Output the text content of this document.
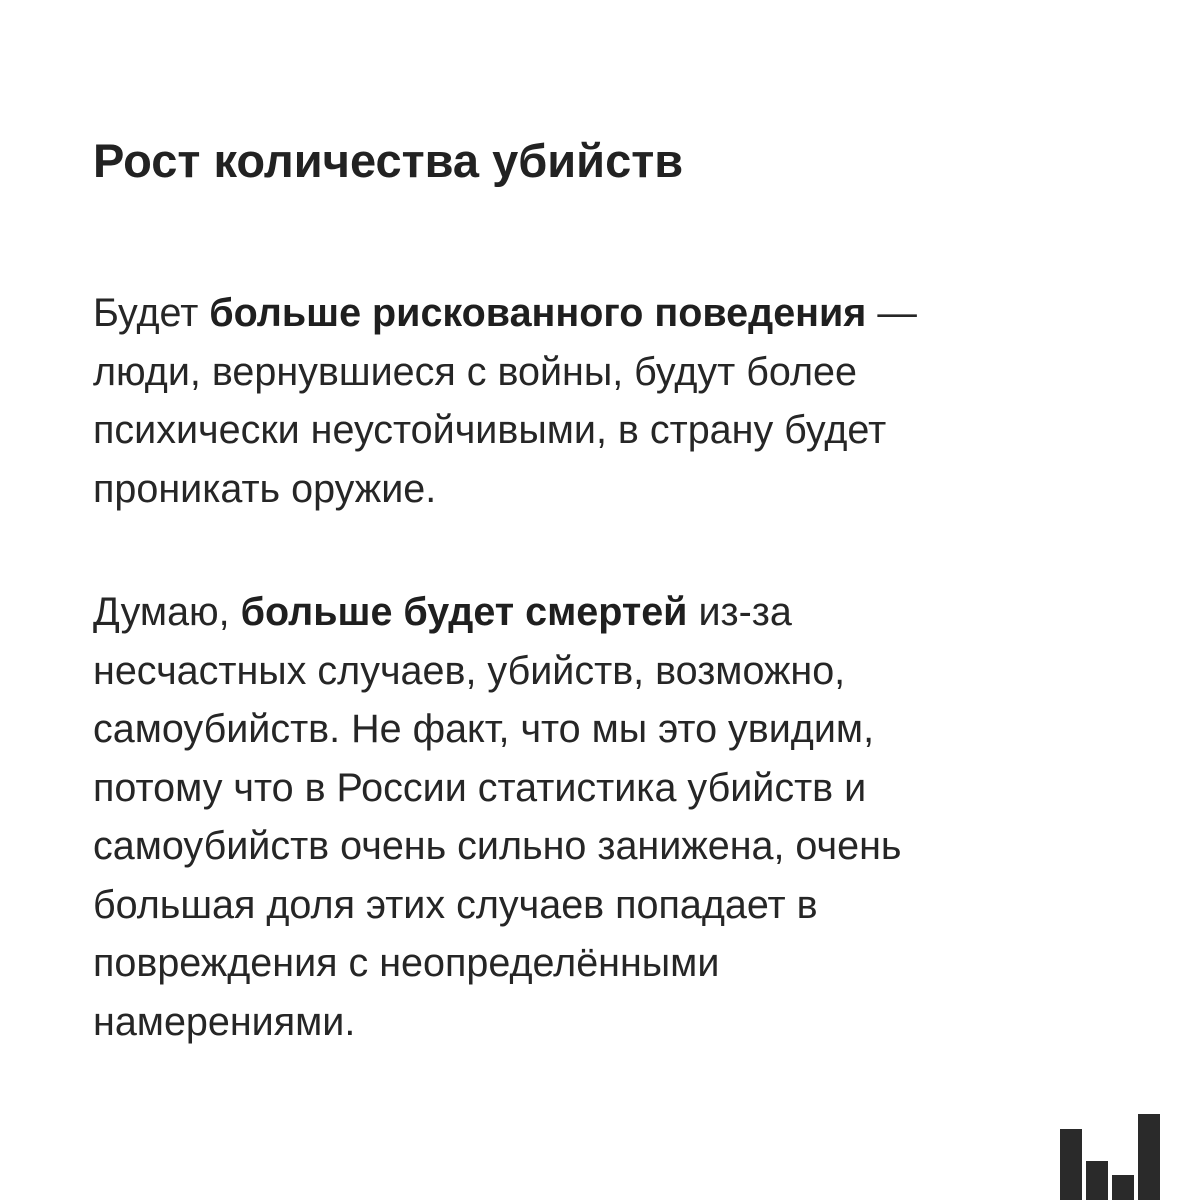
Рост количества убийств

Будет больше рискованного поведения —
люди, вернувшиеся с войны, будут более
психически неустойчивыми, в страну будет
проникать оружие.

Думаю, больше будет смертей из-за
несчастных случаев, убийств, возможно,
самоубийств. Не факт, что мы это увидим,
потому что в России статистика убийств и
самоубийств очень сильно занижена, очень
большая доля этих случаев попадает в
повреждения с неопределёнными
намерениями.
